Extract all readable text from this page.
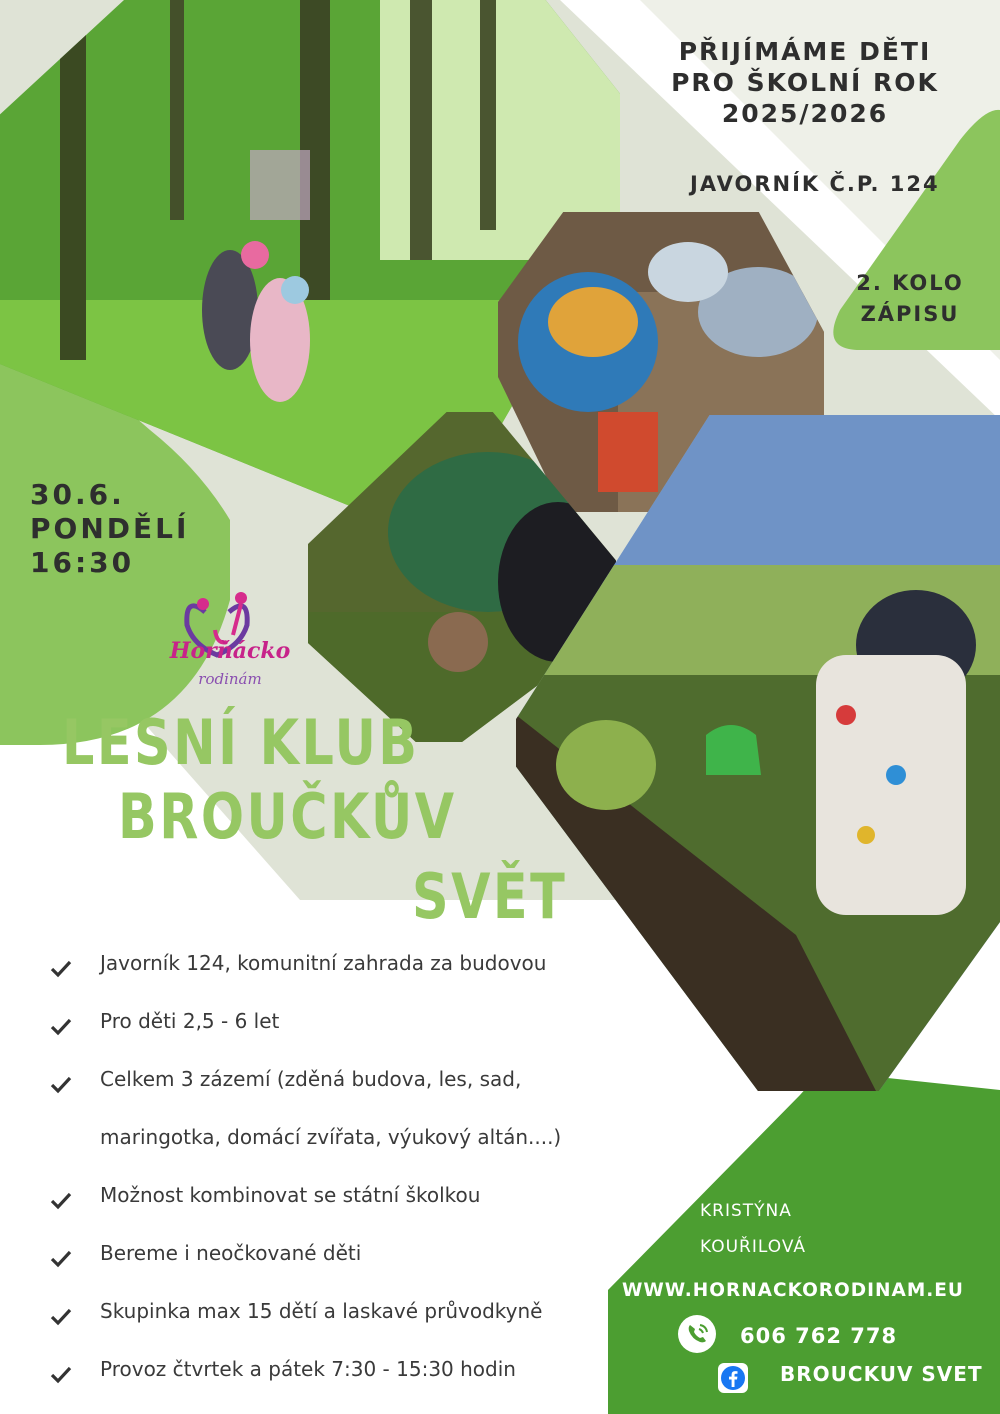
PŘIJÍMÁME DĚTI
PRO ŠKOLNÍ ROK
2025/2026
JAVORNÍK Č.P. 124
2. KOLO
ZÁPISU
30.6.
PONDĚLÍ
16:30
Horňácko
rodinám
LESNÍ KLUB
BROUČKŮV
SVĚT
Javorník 124, komunitní zahrada za budovou
Pro děti 2,5 - 6 let
Celkem 3 zázemí (zděná budova, les, sad,
maringotka, domácí zvířata, výukový altán....)
Možnost kombinovat se státní školkou
Bereme i neočkované děti
Skupinka max 15 dětí a laskavé průvodkyně
Provoz čtvrtek a pátek 7:30 - 15:30 hodin
KRISTÝNA
KOUŘILOVÁ
WWW.HORNACKORODINAM.EU
606 762 778
BROUCKUV SVET
